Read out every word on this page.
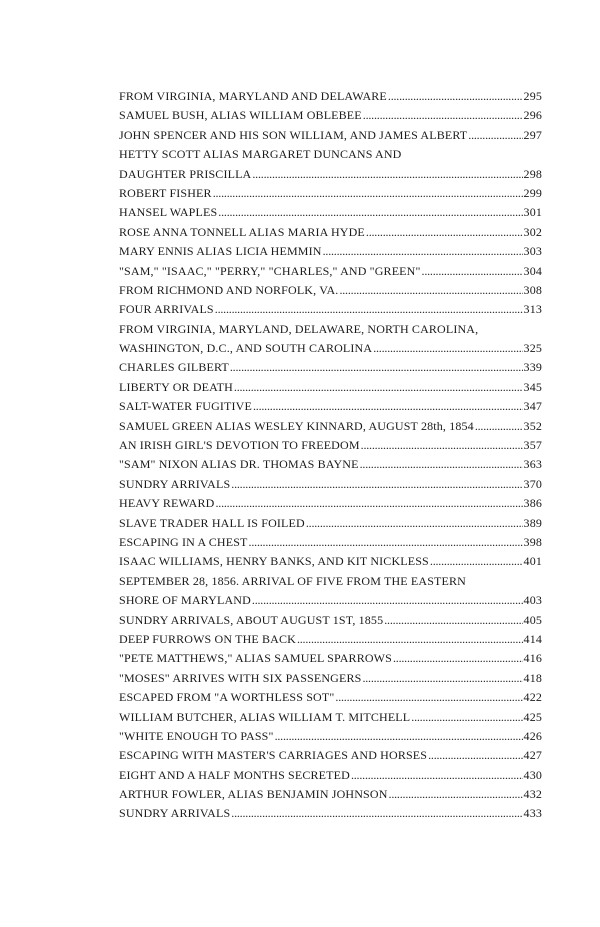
FROM VIRGINIA, MARYLAND AND DELAWARE . . .	295
SAMUEL BUSH, ALIAS WILLIAM OBLEBEE . . .	296
JOHN SPENCER AND HIS SON WILLIAM, AND JAMES ALBERT . . .	297
HETTY SCOTT ALIAS MARGARET DUNCANS AND
DAUGHTER PRISCILLA . . .	298
ROBERT FISHER . . .	299
HANSEL WAPLES . . .	301
ROSE ANNA TONNELL ALIAS MARIA HYDE . . .	302
MARY ENNIS ALIAS LICIA HEMMIN . . .	303
"SAM," "ISAAC," "PERRY," "CHARLES," AND "GREEN" . . .	304
FROM RICHMOND AND NORFOLK, VA. . . .	308
FOUR ARRIVALS . . .	313
FROM VIRGINIA, MARYLAND, DELAWARE, NORTH CAROLINA,
WASHINGTON, D.C., AND SOUTH CAROLINA . . .	325
CHARLES GILBERT . . .	339
LIBERTY OR DEATH . . .	345
SALT-WATER FUGITIVE . . .	347
SAMUEL GREEN ALIAS WESLEY KINNARD, AUGUST 28th, 1854 . . .	352
AN IRISH GIRL'S DEVOTION TO FREEDOM . . .	357
"SAM" NIXON ALIAS DR. THOMAS BAYNE . . .	363
SUNDRY ARRIVALS . . .	370
HEAVY REWARD . . .	386
SLAVE TRADER HALL IS FOILED . . .	389
ESCAPING IN A CHEST . . .	398
ISAAC WILLIAMS, HENRY BANKS, AND KIT NICKLESS . . .	401
SEPTEMBER 28, 1856. ARRIVAL OF FIVE FROM THE EASTERN
SHORE OF MARYLAND . . .	403
SUNDRY ARRIVALS, ABOUT AUGUST 1ST, 1855 . . .	405
DEEP FURROWS ON THE BACK . . .	414
"PETE MATTHEWS," ALIAS SAMUEL SPARROWS . . .	416
"MOSES" ARRIVES WITH SIX PASSENGERS . . .	418
ESCAPED FROM "A WORTHLESS SOT" . . .	422
WILLIAM BUTCHER, ALIAS WILLIAM T. MITCHELL . . .	425
"WHITE ENOUGH TO PASS" . . .	426
ESCAPING WITH MASTER'S CARRIAGES AND HORSES . . .	427
EIGHT AND A HALF MONTHS SECRETED . . .	430
ARTHUR FOWLER, ALIAS BENJAMIN JOHNSON . . .	432
SUNDRY ARRIVALS . . .	433
